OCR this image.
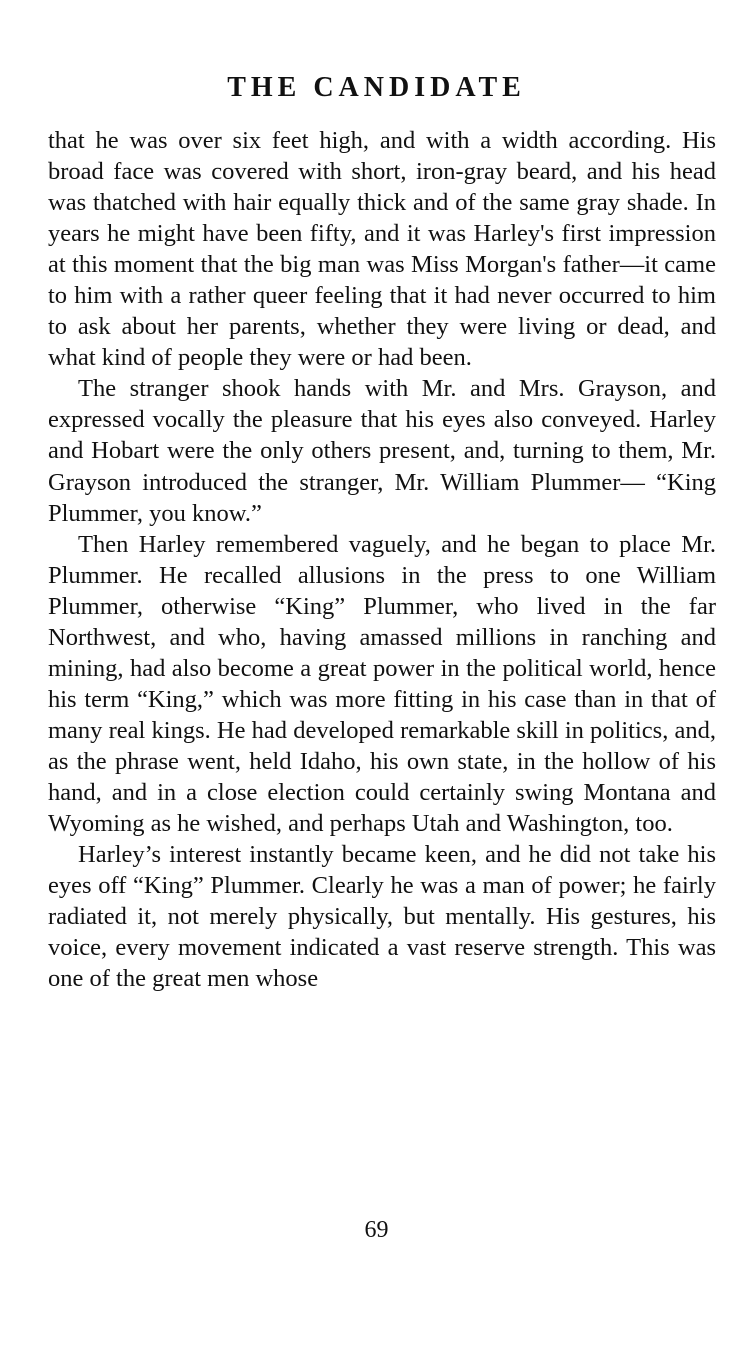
THE CANDIDATE

that he was over six feet high, and with a width according. His broad face was covered with short, iron-gray beard, and his head was thatched with hair equally thick and of the same gray shade. In years he might have been fifty, and it was Harley's first impression at this moment that the big man was Miss Morgan's father—it came to him with a rather queer feeling that it had never occurred to him to ask about her parents, whether they were living or dead, and what kind of people they were or had been.

The stranger shook hands with Mr. and Mrs. Grayson, and expressed vocally the pleasure that his eyes also conveyed. Harley and Hobart were the only others present, and, turning to them, Mr. Grayson introduced the stranger, Mr. William Plummer— “King Plummer, you know.”

Then Harley remembered vaguely, and he began to place Mr. Plummer. He recalled allusions in the press to one William Plummer, otherwise “King” Plummer, who lived in the far Northwest, and who, having amassed millions in ranching and mining, had also become a great power in the political world, hence his term “King,” which was more fitting in his case than in that of many real kings. He had developed remarkable skill in politics, and, as the phrase went, held Idaho, his own state, in the hollow of his hand, and in a close election could certainly swing Montana and Wyoming as he wished, and perhaps Utah and Washington, too.

Harley’s interest instantly became keen, and he did not take his eyes off “King” Plummer. Clearly he was a man of power; he fairly radiated it, not merely physically, but mentally. His gestures, his voice, every movement indicated a vast reserve strength. This was one of the great men whose

69
